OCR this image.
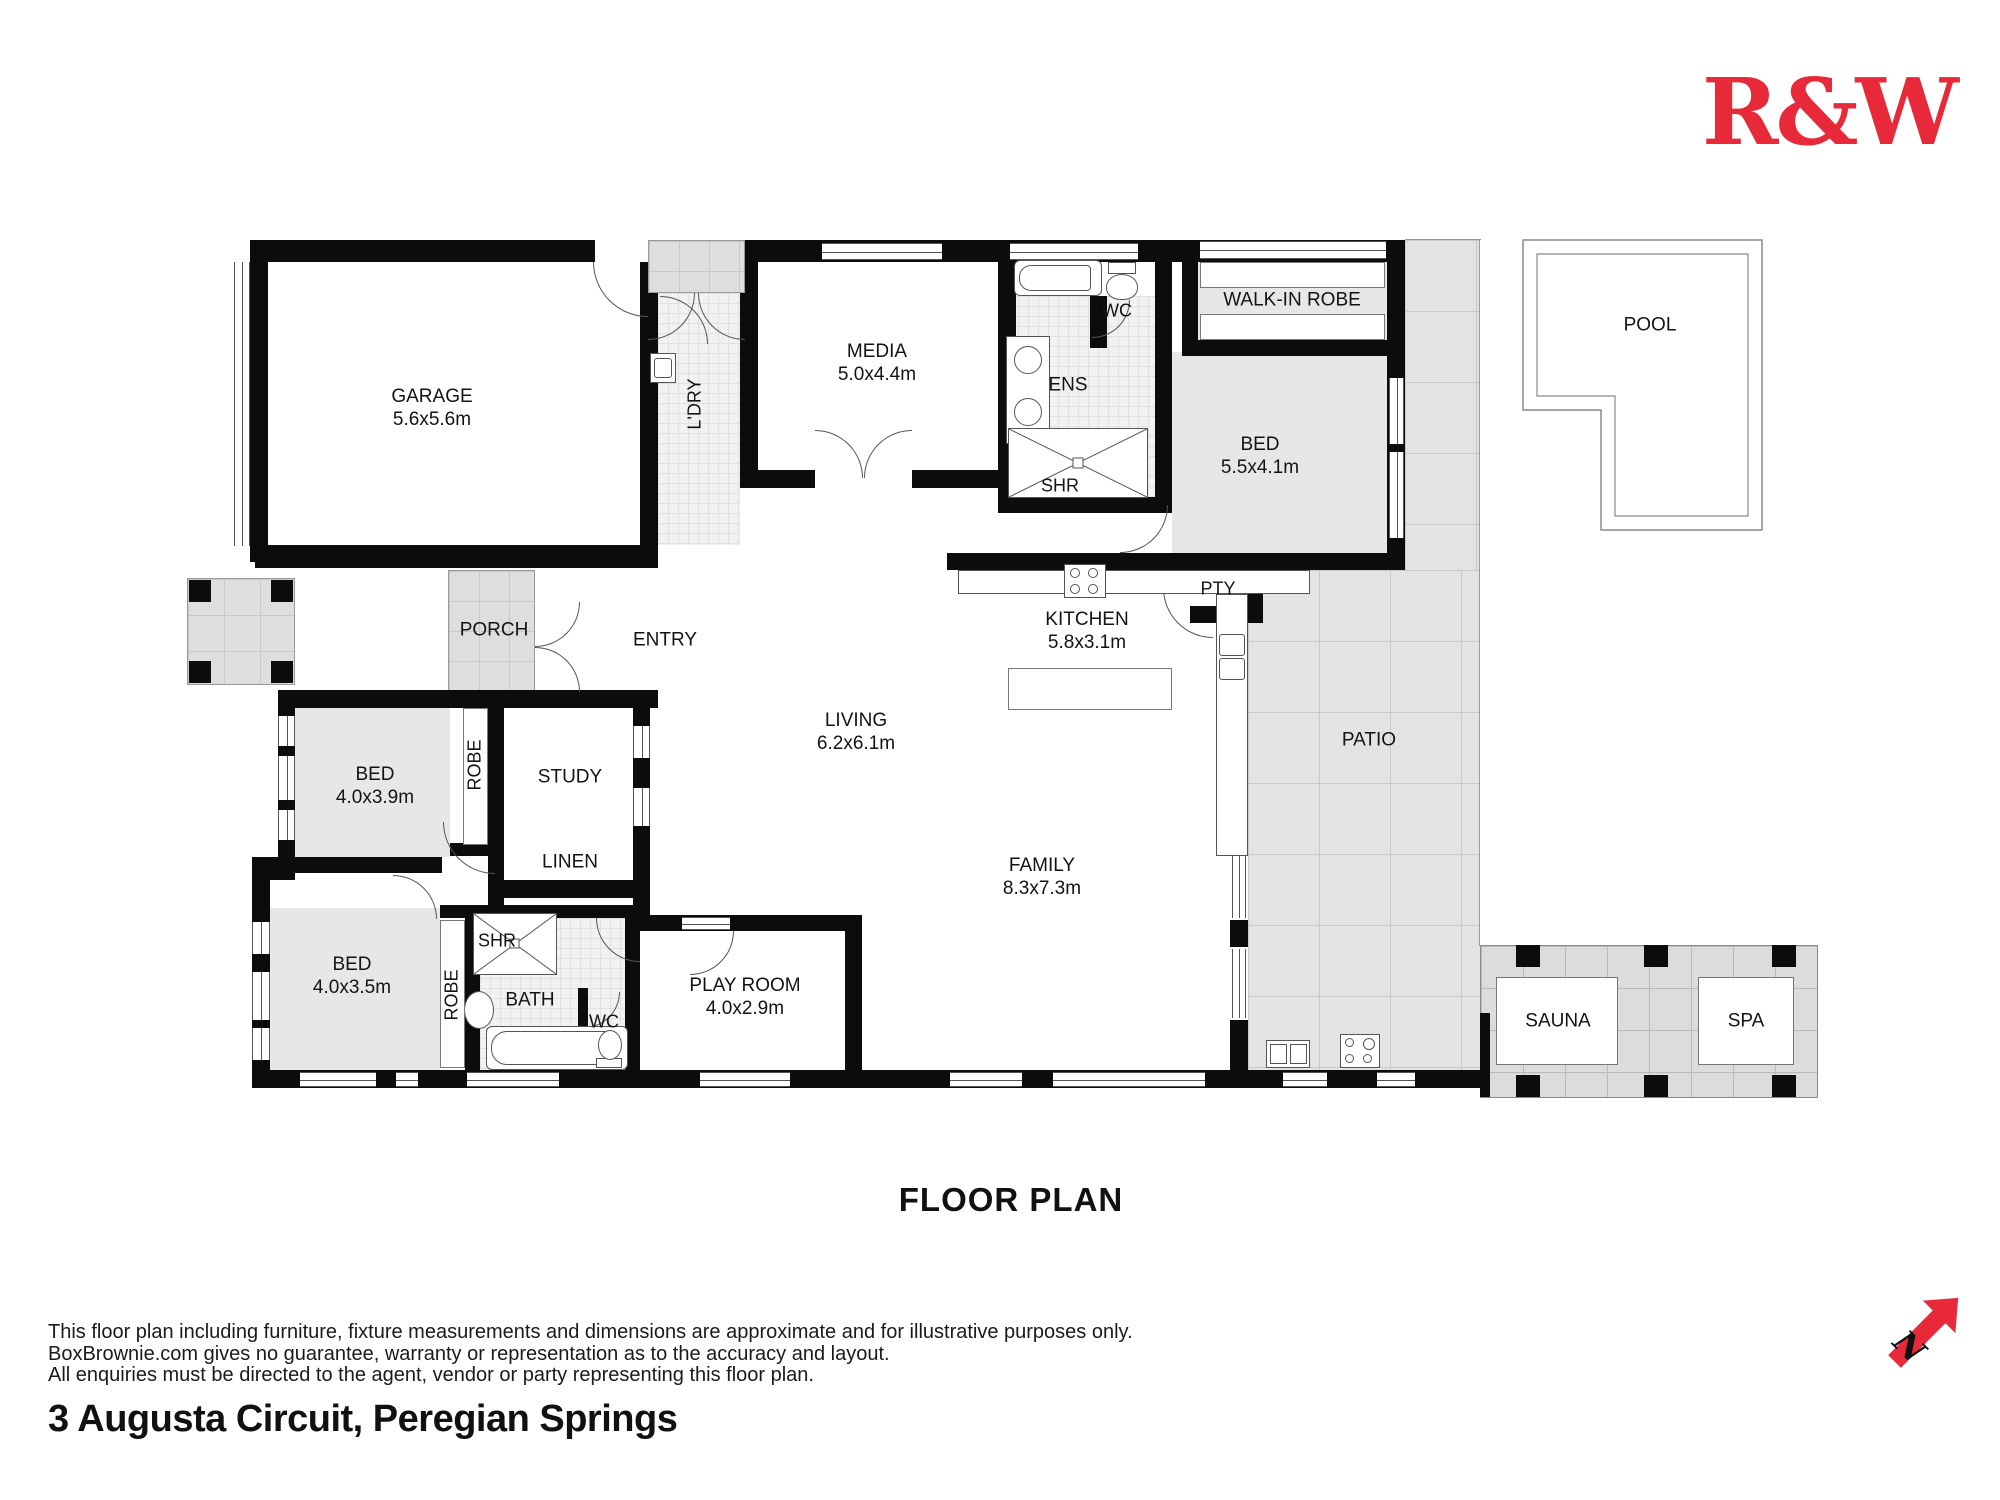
GARAGE
5.6x5.6m	L'DRY
MEDIA
5.0x4.4m
WC
ENS
SHR
WALK-IN ROBE
BED
5.5x4.1m
POOL
PORCH	ENTRY
KITCHEN
5.8x3.1m
PTY
LIVING
6.2x6.1m	PATIO
BED
4.0x3.9m
ROBE	STUDY
LINEN
BED
4.0x3.5m	ROBE
SHR
BATH
WC
PLAY ROOM
4.0x2.9m
FAMILY
8.3x7.3m
SAUNA	SPA
R&W
FLOOR PLAN
This floor plan including furniture, fixture measurements and dimensions are approximate and for illustrative purposes only.
BoxBrownie.com gives no guarantee, warranty or representation as to the accuracy and layout.
All enquiries must be directed to the agent, vendor or party representing this floor plan.
3 Augusta Circuit, Peregian Springs
N
